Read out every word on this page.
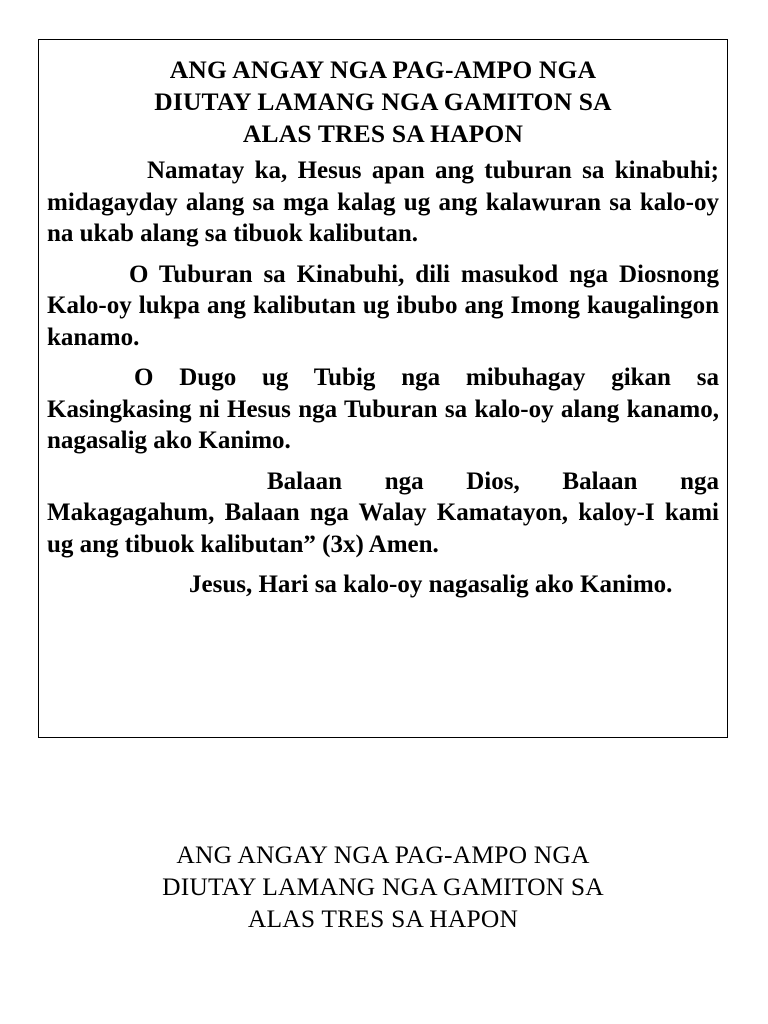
ANG ANGAY NGA PAG-AMPO NGA
DIUTAY LAMANG NGA GAMITON SA
ALAS TRES SA HAPON

Namatay ka, Hesus apan ang tuburan sa kinabuhi; midagayday alang sa mga kalag ug ang kalawuran sa kalo-oy na ukab alang sa tibuok kalibutan.

O Tuburan sa Kinabuhi, dili masukod nga Diosnong Kalo-oy lukpa ang kalibutan ug ibubo ang Imong kaugalingon kanamo.

O Dugo ug Tubig nga mibuhagay gikan sa Kasingkasing ni Hesus nga Tuburan sa kalo-oy alang kanamo, nagasalig ako Kanimo.

Balaan nga Dios, Balaan nga Makagagahum, Balaan nga Walay Kamatayon, kaloy-I kami ug ang tibuok kalibutan” (3x) Amen.

Jesus, Hari sa kalo-oy nagasalig ako Kanimo.

ANG ANGAY NGA PAG-AMPO NGA
DIUTAY LAMANG NGA GAMITON SA
ALAS TRES SA HAPON
